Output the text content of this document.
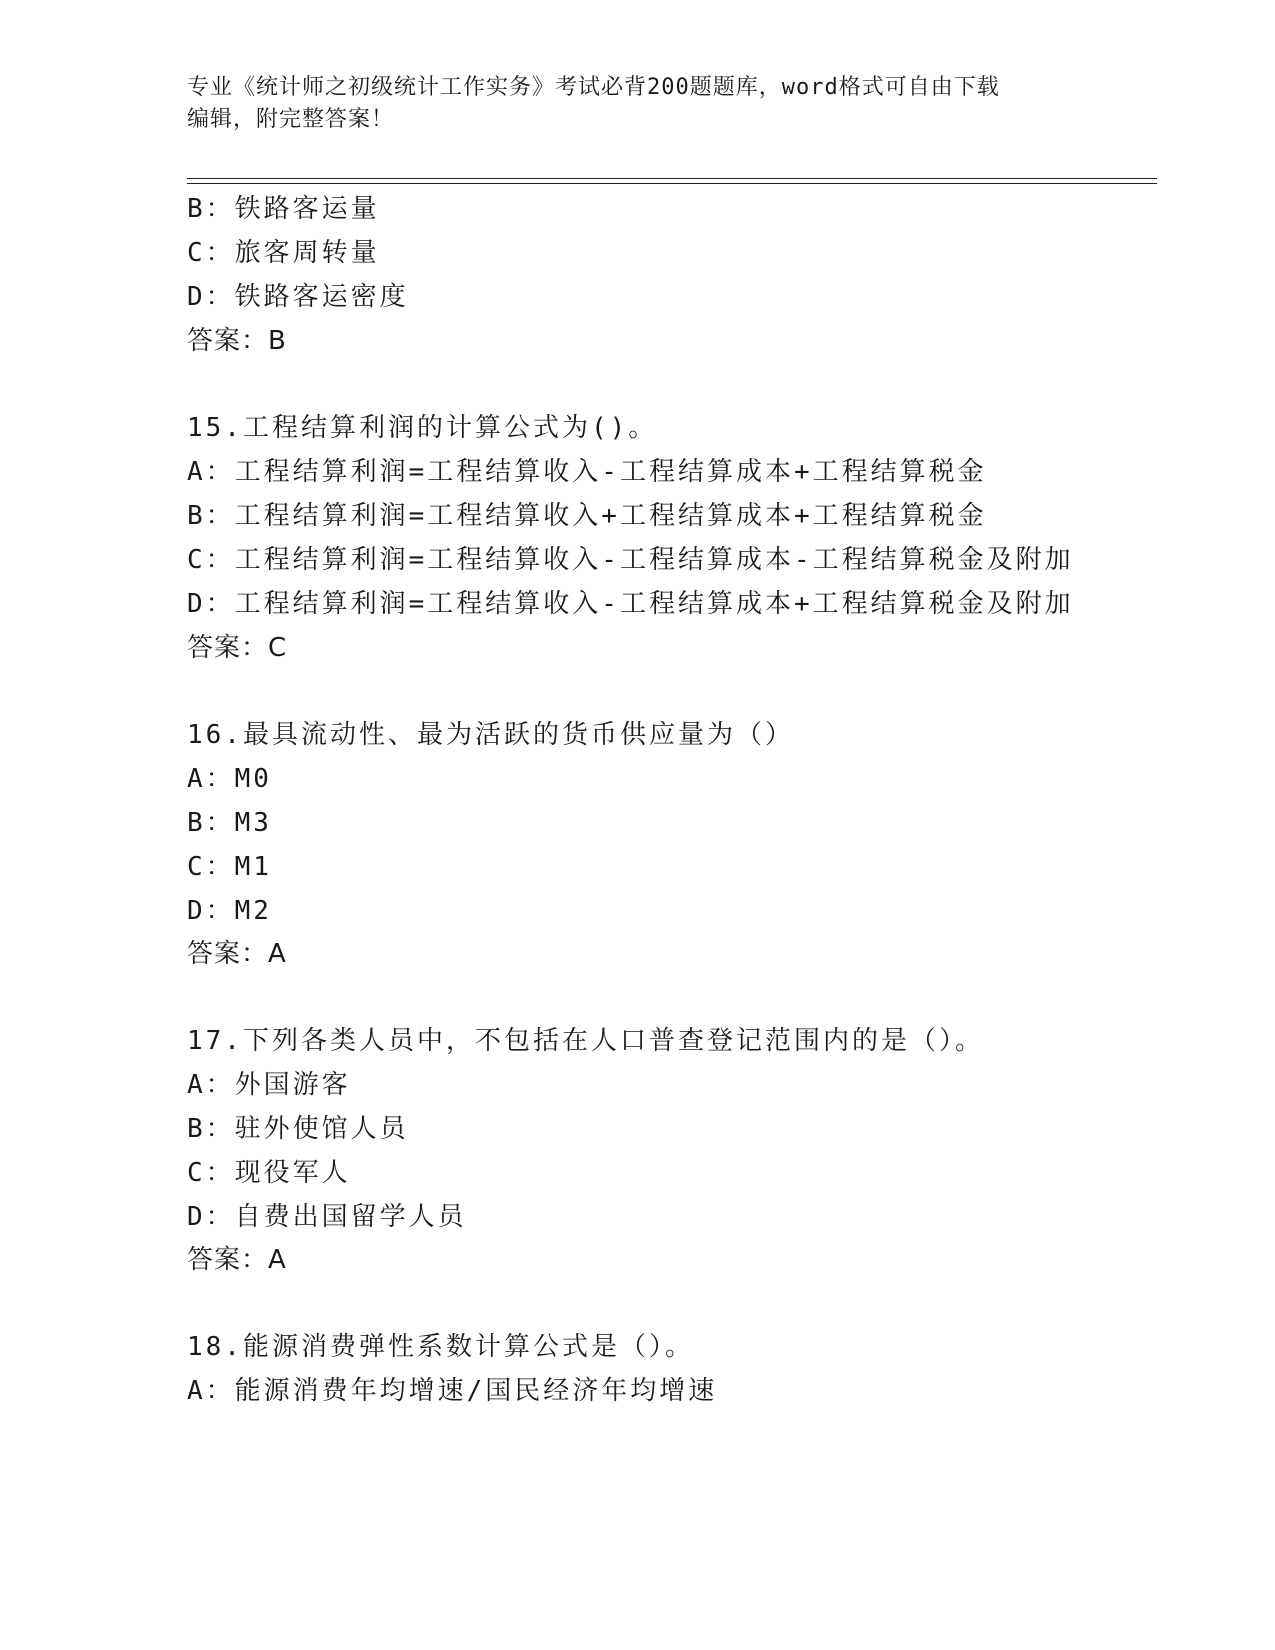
专业《统计师之初级统计工作实务》考试必背200题题库，word格式可自由下载
编辑，附完整答案！
B：铁路客运量
C：旅客周转量
D：铁路客运密度
答案：B
15.工程结算利润的计算公式为()。
A：工程结算利润=工程结算收入-工程结算成本+工程结算税金
B：工程结算利润=工程结算收入+工程结算成本+工程结算税金
C：工程结算利润=工程结算收入-工程结算成本-工程结算税金及附加
D：工程结算利润=工程结算收入-工程结算成本+工程结算税金及附加
答案：C
16.最具流动性、最为活跃的货币供应量为（）
A：M0
B：M3
C：M1
D：M2
答案：A
17.下列各类人员中，不包括在人口普查登记范围内的是（）。
A：外国游客
B：驻外使馆人员
C：现役军人
D：自费出国留学人员
答案：A
18.能源消费弹性系数计算公式是（）。
A：能源消费年均增速/国民经济年均增速
